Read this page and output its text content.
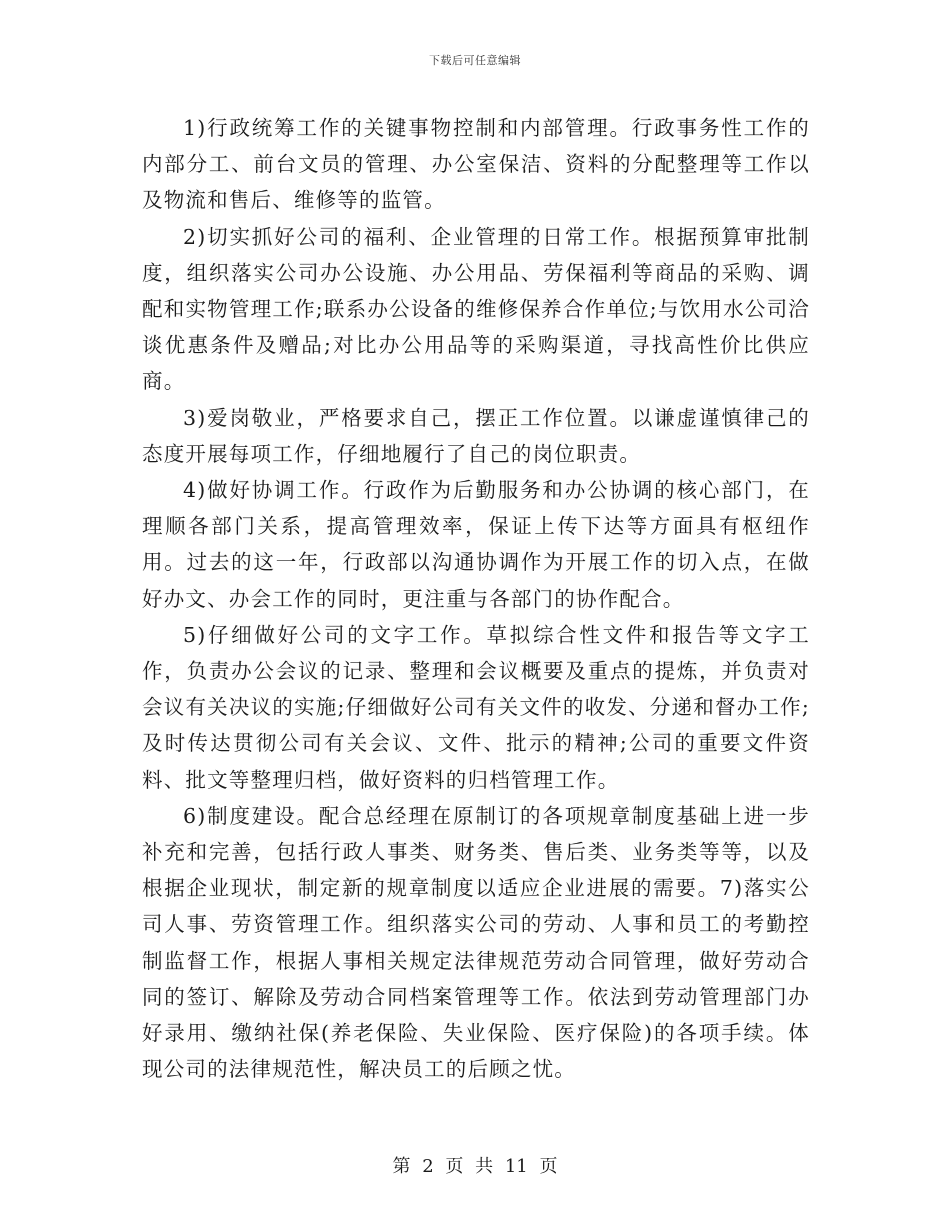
下载后可任意编辑

1)行政统筹工作的关键事物控制和内部管理。行政事务性工作的内部分工、前台文员的管理、办公室保洁、资料的分配整理等工作以及物流和售后、维修等的监管。

2)切实抓好公司的福利、企业管理的日常工作。根据预算审批制度，组织落实公司办公设施、办公用品、劳保福利等商品的采购、调配和实物管理工作;联系办公设备的维修保养合作单位;与饮用水公司洽谈优惠条件及赠品;对比办公用品等的采购渠道，寻找高性价比供应商。

3)爱岗敬业，严格要求自己，摆正工作位置。以谦虚谨慎律己的态度开展每项工作，仔细地履行了自己的岗位职责。

4)做好协调工作。行政作为后勤服务和办公协调的核心部门，在理顺各部门关系，提高管理效率，保证上传下达等方面具有枢纽作用。过去的这一年，行政部以沟通协调作为开展工作的切入点，在做好办文、办会工作的同时，更注重与各部门的协作配合。

5)仔细做好公司的文字工作。草拟综合性文件和报告等文字工作，负责办公会议的记录、整理和会议概要及重点的提炼，并负责对会议有关决议的实施;仔细做好公司有关文件的收发、分递和督办工作;及时传达贯彻公司有关会议、文件、批示的精神;公司的重要文件资料、批文等整理归档，做好资料的归档管理工作。

6)制度建设。配合总经理在原制订的各项规章制度基础上进一步补充和完善，包括行政人事类、财务类、售后类、业务类等等，以及根据企业现状，制定新的规章制度以适应企业进展的需要。7)落实公司人事、劳资管理工作。组织落实公司的劳动、人事和员工的考勤控制监督工作，根据人事相关规定法律规范劳动合同管理，做好劳动合同的签订、解除及劳动合同档案管理等工作。依法到劳动管理部门办好录用、缴纳社保(养老保险、失业保险、医疗保险)的各项手续。体现公司的法律规范性，解决员工的后顾之忧。

第 2 页 共 11 页
